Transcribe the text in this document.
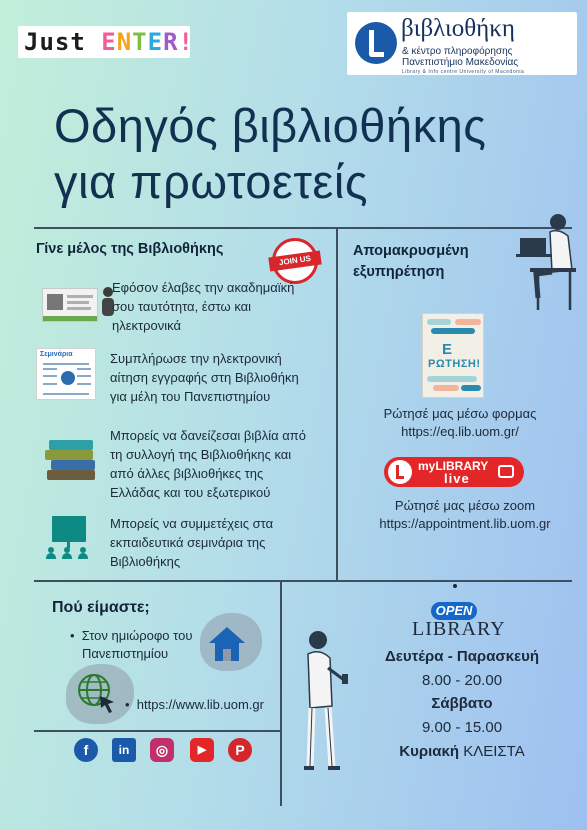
Just ENTER!	βιβλιοθήκη
& κέντρο πληροφόρησης
Πανεπιστήμιο Μακεδονίας
Library & Info centre University of Macedonia
Οδηγός βιβλιοθήκης
για πρωτοετείς
Γίνε μέλος της Βιβλιοθήκης
JOIN US NOW
Εφόσον έλαβες την ακαδημαϊκή
σου ταυτότητα, έστω και
ηλεκτρονικά
Σεμινάρια	Συμπλήρωσε την ηλεκτρονική
αίτηση εγγραφής στη Βιβλιοθήκη
για μέλη του Πανεπιστημίου
Μπορείς να δανείζεσαι βιβλία από
τη συλλογή της Βιβλιοθήκης και
από άλλες βιβλιοθήκες της
Ελλάδας και του εξωτερικού
Μπορείς να συμμετέχεις στα
εκπαιδευτικά σεμινάρια της
Βιβλιοθήκης
Απομακρυσμένη
εξυπηρέτηση
Ε
ΡΩΤΗΣΗ!
Ρώτησέ μας μέσω φορμας
https://eq.lib.uom.gr/
myLIBRARY
live
Ρώτησέ μας μέσω zoom
https://appointment.lib.uom.gr
Πού είμαστε;
•  Στον ημιώροφο του
Πανεπιστημίου
•  https://www.lib.uom.gr
f	in	◎	▶	P
OPEN
LIBRARY
Δευτέρα - Παρασκευή
8.00 - 20.00
Σάββατο
9.00 - 15.00
Κυριακή ΚΛΕΙΣΤΑ
